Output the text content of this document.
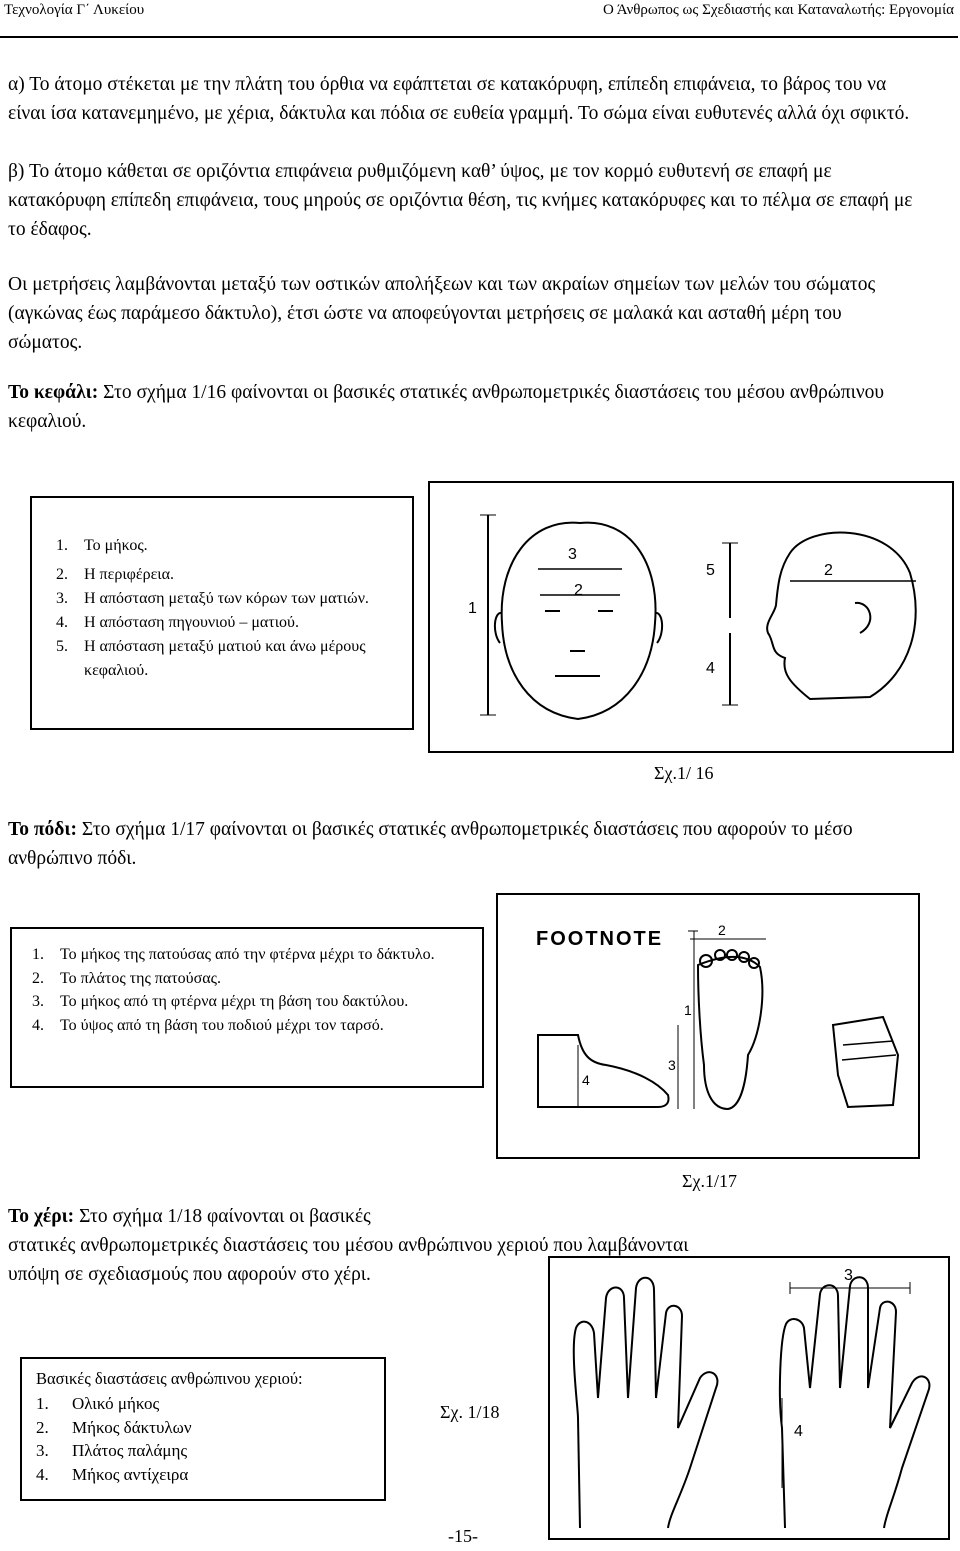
Τεχνολογία Γ΄ Λυκείου	Ο Άνθρωπος ως Σχεδιαστής και Καταναλωτής: Εργονομία

α) Το άτομο στέκεται με την πλάτη του όρθια να εφάπτεται σε κατακόρυφη, επίπεδη επιφάνεια, το βάρος του να είναι ίσα κατανεμημένο, με χέρια, δάκτυλα και πόδια σε ευθεία γραμμή. Το σώμα είναι ευθυτενές αλλά όχι σφικτό.

β) Το άτομο κάθεται σε οριζόντια επιφάνεια ρυθμιζόμενη καθ’ ύψος, με τον κορμό ευθυτενή σε επαφή με κατακόρυφη επίπεδη επιφάνεια, τους μηρούς σε οριζόντια θέση, τις κνήμες κατακόρυφες και το πέλμα σε επαφή με το έδαφος.

Οι μετρήσεις λαμβάνονται μεταξύ των οστικών απολήξεων και των ακραίων σημείων των μελών του σώματος (αγκώνας έως παράμεσο δάκτυλο), έτσι ώστε να αποφεύγονται μετρήσεις σε μαλακά και ασταθή μέρη του σώματος.

Το κεφάλι: Στο σχήμα 1/16 φαίνονται οι βασικές στατικές ανθρωπομετρικές διαστάσεις του μέσου ανθρώπινου κεφαλιού.

1.	Το μήκος.
2.	Η περιφέρεια.
3.	Η απόσταση μεταξύ των κόρων των ματιών.
4.	Η απόσταση πηγουνιού – ματιού.
5.	Η απόσταση μεταξύ ματιού και άνω μέρους κεφαλιού.
1
2
3
2
4
5
Σχ.1/ 16

Το πόδι: Στο σχήμα 1/17 φαίνονται οι βασικές στατικές ανθρωπομετρικές διαστάσεις που αφορούν το μέσο ανθρώπινο πόδι.

1.	Το μήκος της πατούσας από την φτέρνα μέχρι το δάκτυλο.
2.	Το πλάτος της πατούσας.
3.	Το μήκος από τη φτέρνα μέχρι τη βάση του δακτύλου.
4.	Το ύψος από τη βάση του ποδιού μέχρι τον ταρσό.
FOOTNOTE
4
2
3
1
Σχ.1/17

Το χέρι: Στο σχήμα 1/18 φαίνονται οι βασικές

στατικές ανθρωπομετρικές διαστάσεις του μέσου ανθρώπινου χεριού που λαμβάνονται

υπόψη σε σχεδιασμούς που αφορούν στο χέρι.	3
4
Βασικές διαστάσεις ανθρώπινου χεριού:
1.	Ολικό μήκος
2.	Μήκος δάκτυλων
3.	Πλάτος παλάμης
4.	Μήκος αντίχειρα
Σχ. 1/18
-15-
